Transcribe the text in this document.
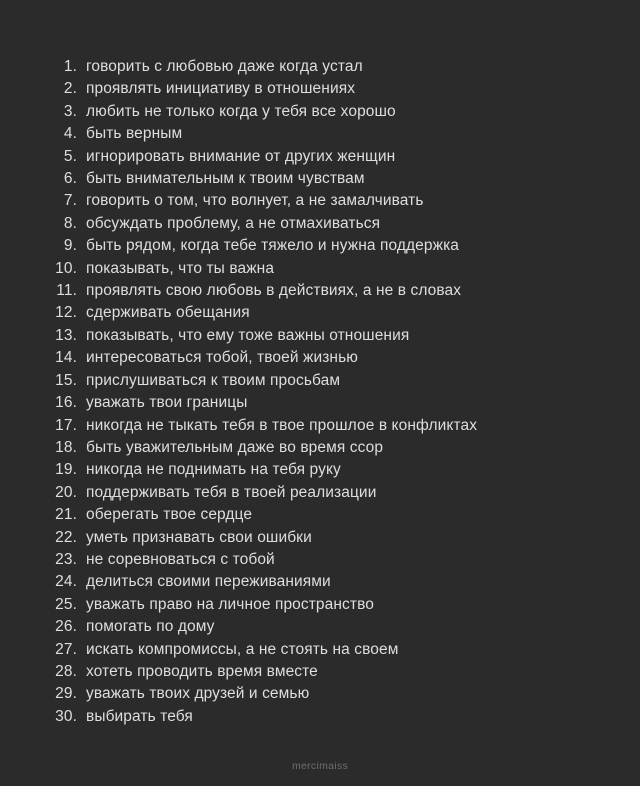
1. говорить с любовью даже когда устал
2. проявлять инициативу в отношениях
3. любить не только когда у тебя все хорошо
4. быть верным
5. игнорировать внимание от других женщин
6. быть внимательным к твоим чувствам
7. говорить о том, что волнует, а не замалчивать
8. обсуждать проблему, а не отмахиваться
9. быть рядом, когда тебе тяжело и нужна поддержка
10. показывать, что ты важна
11. проявлять свою любовь в действиях, а не в словах
12. сдерживать обещания
13. показывать, что ему тоже важны отношения
14. интересоваться тобой, твоей жизнью
15. прислушиваться к твоим просьбам
16. уважать твои границы
17. никогда не тыкать тебя в твое прошлое в конфликтах
18. быть уважительным даже во время ссор
19. никогда не поднимать на тебя руку
20. поддерживать тебя в твоей реализации
21. оберегать твое сердце
22. уметь признавать свои ошибки
23. не соревноваться с тобой
24. делиться своими переживаниями
25. уважать право на личное пространство
26. помогать по дому
27. искать компромиссы, а не стоять на своем
28. хотеть проводить время вместе
29. уважать твоих друзей и семью
30. выбирать тебя
mercimaiss
